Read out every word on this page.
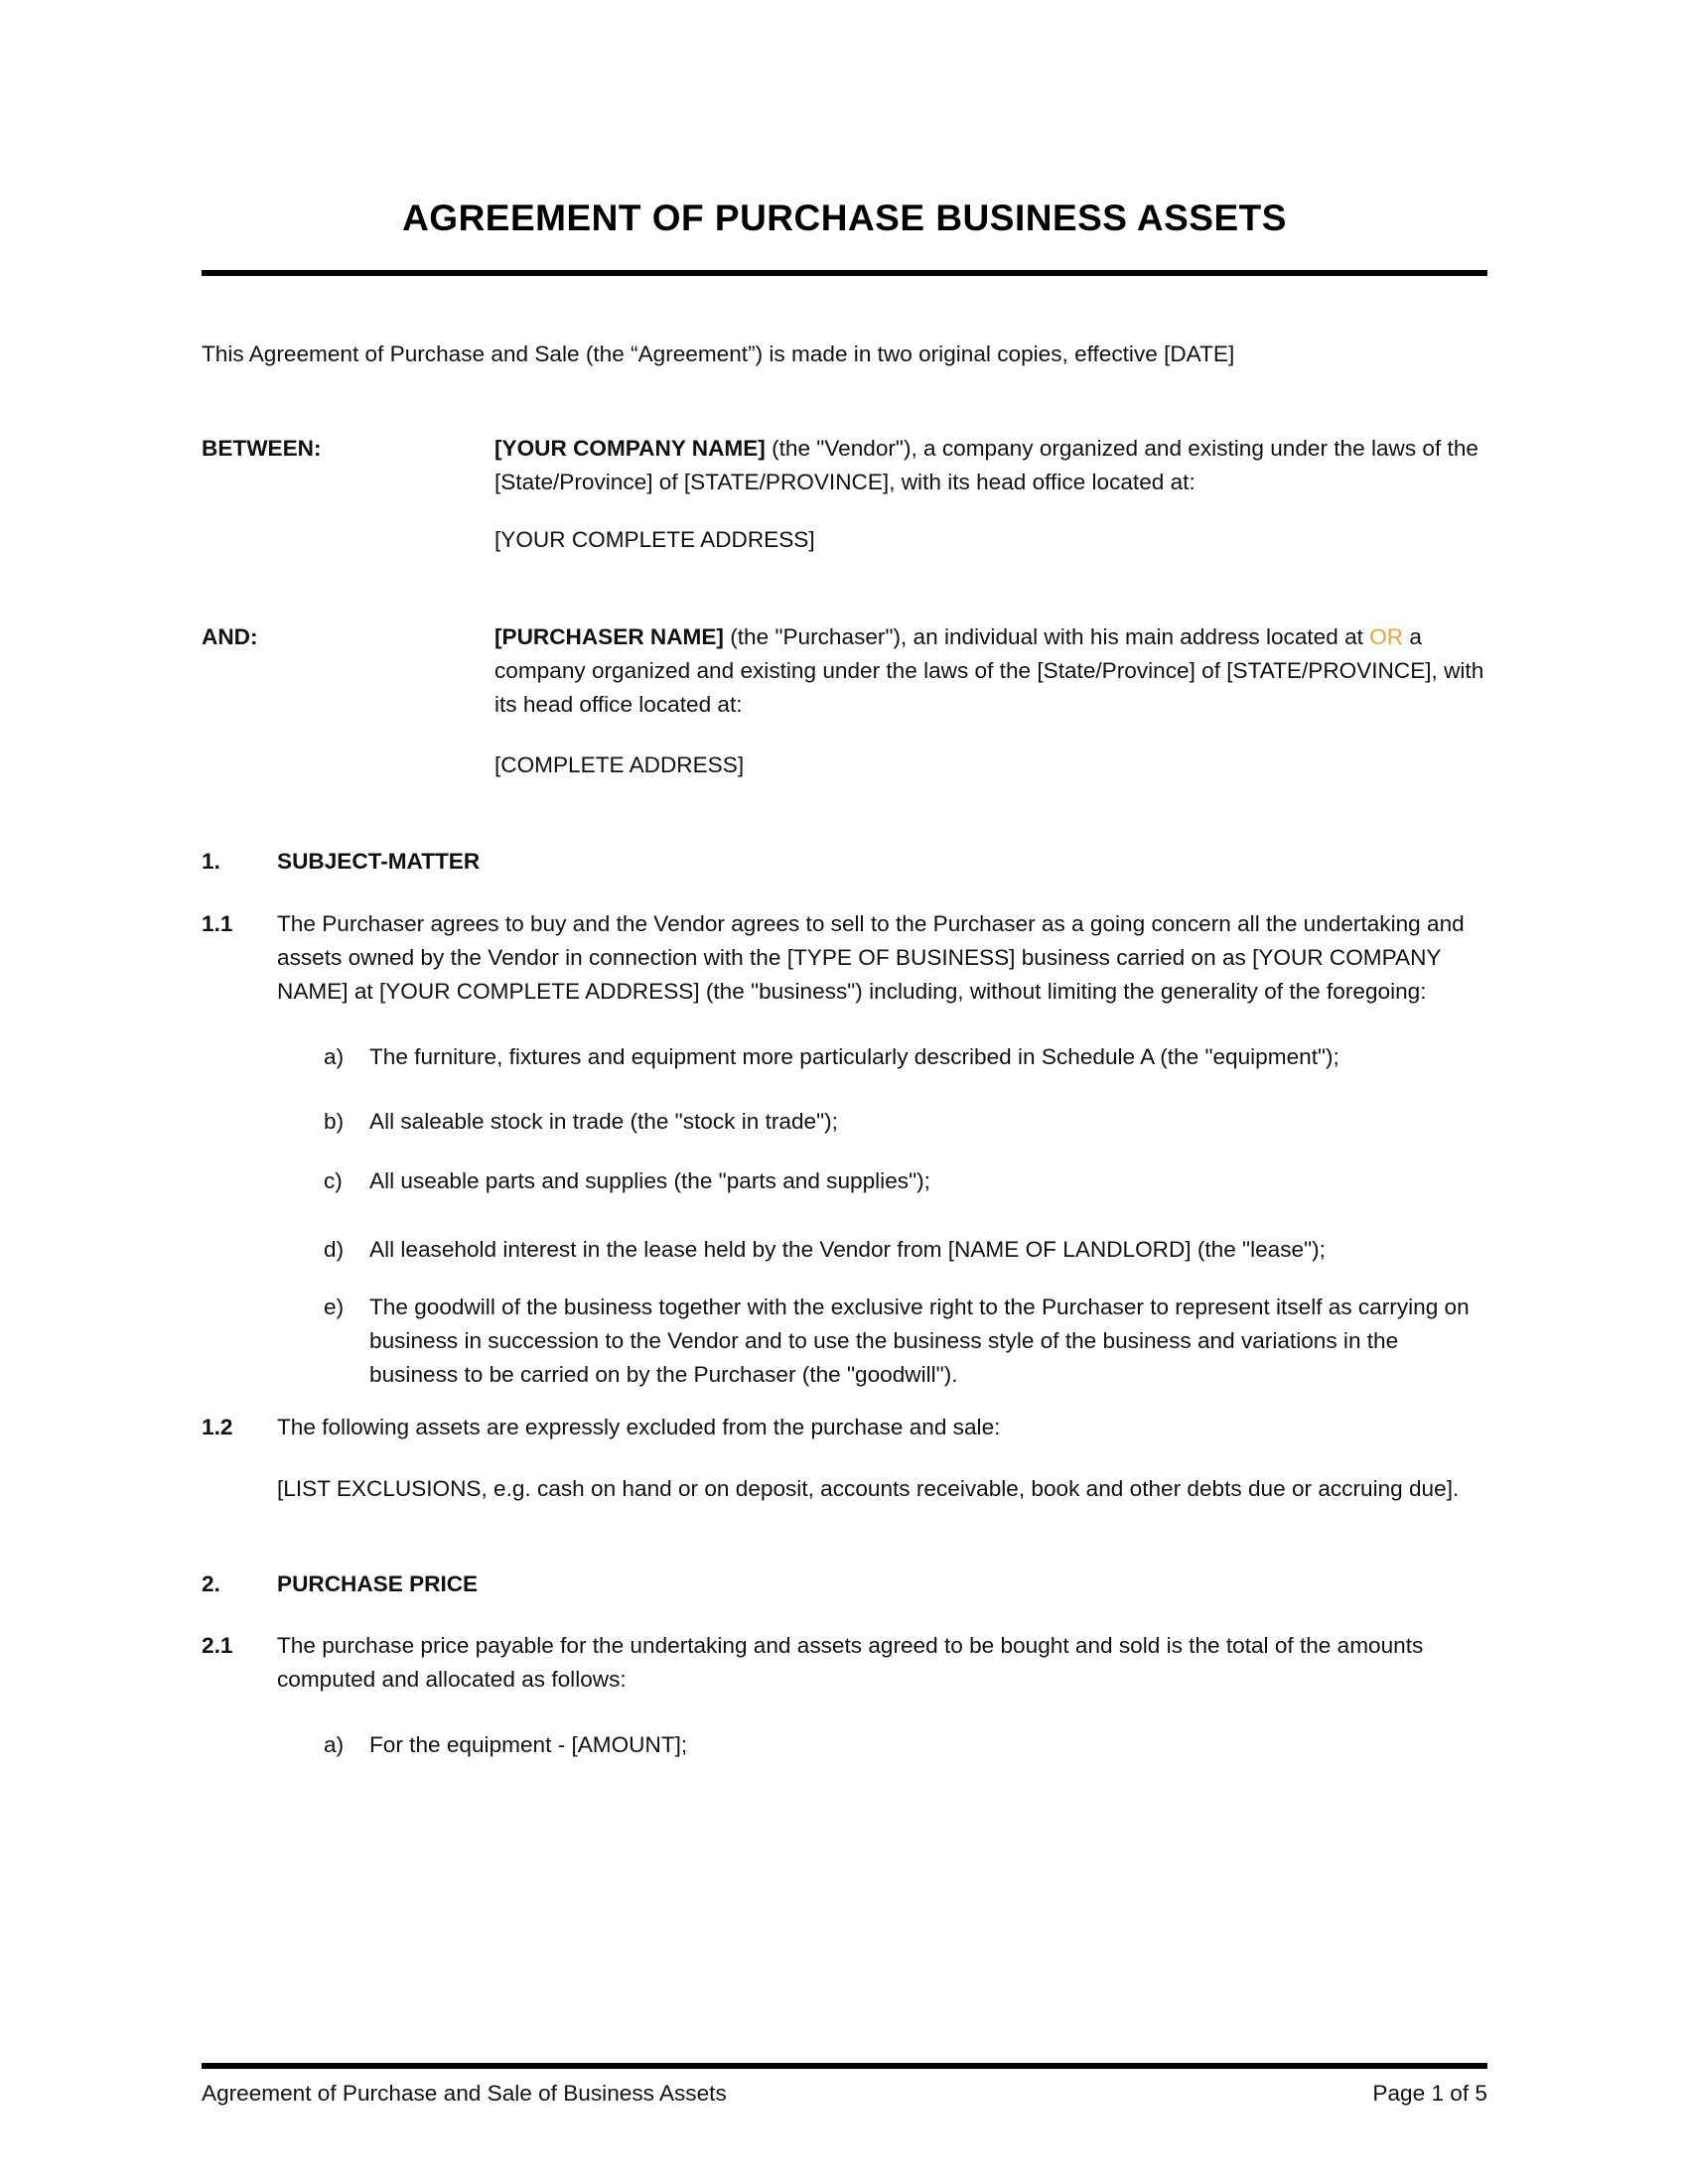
AGREEMENT OF PURCHASE BUSINESS ASSETS

This Agreement of Purchase and Sale (the “Agreement”) is made in two original copies, effective [DATE]

BETWEEN:	[YOUR COMPANY NAME] (the "Vendor"), a company organized and existing under the laws of the [State/Province] of [STATE/PROVINCE], with its head office located at:

[YOUR COMPLETE ADDRESS]

AND:	[PURCHASER NAME] (the "Purchaser"), an individual with his main address located at OR a company organized and existing under the laws of the [State/Province] of [STATE/PROVINCE], with its head office located at:

[COMPLETE ADDRESS]

1.	SUBJECT-MATTER
1.1	The Purchaser agrees to buy and the Vendor agrees to sell to the Purchaser as a going concern all the undertaking and assets owned by the Vendor in connection with the [TYPE OF BUSINESS] business carried on as [YOUR COMPANY NAME] at [YOUR COMPLETE ADDRESS] (the "business") including, without limiting the generality of the foregoing:
a)	The furniture, fixtures and equipment more particularly described in Schedule A (the "equipment");
b)	All saleable stock in trade (the "stock in trade");
c)	All useable parts and supplies (the "parts and supplies");
d)	All leasehold interest in the lease held by the Vendor from [NAME OF LANDLORD] (the "lease");
e)	The goodwill of the business together with the exclusive right to the Purchaser to represent itself as carrying on business in succession to the Vendor and to use the business style of the business and variations in the business to be carried on by the Purchaser (the "goodwill").
1.2	The following assets are expressly excluded from the purchase and sale:

[LIST EXCLUSIONS, e.g. cash on hand or on deposit, accounts receivable, book and other debts due or accruing due].

2.	PURCHASE PRICE
2.1	The purchase price payable for the undertaking and assets agreed to be bought and sold is the total of the amounts computed and allocated as follows:
a)	For the equipment - [AMOUNT];
Agreement of Purchase and Sale of Business Assets	Page 1 of 5
